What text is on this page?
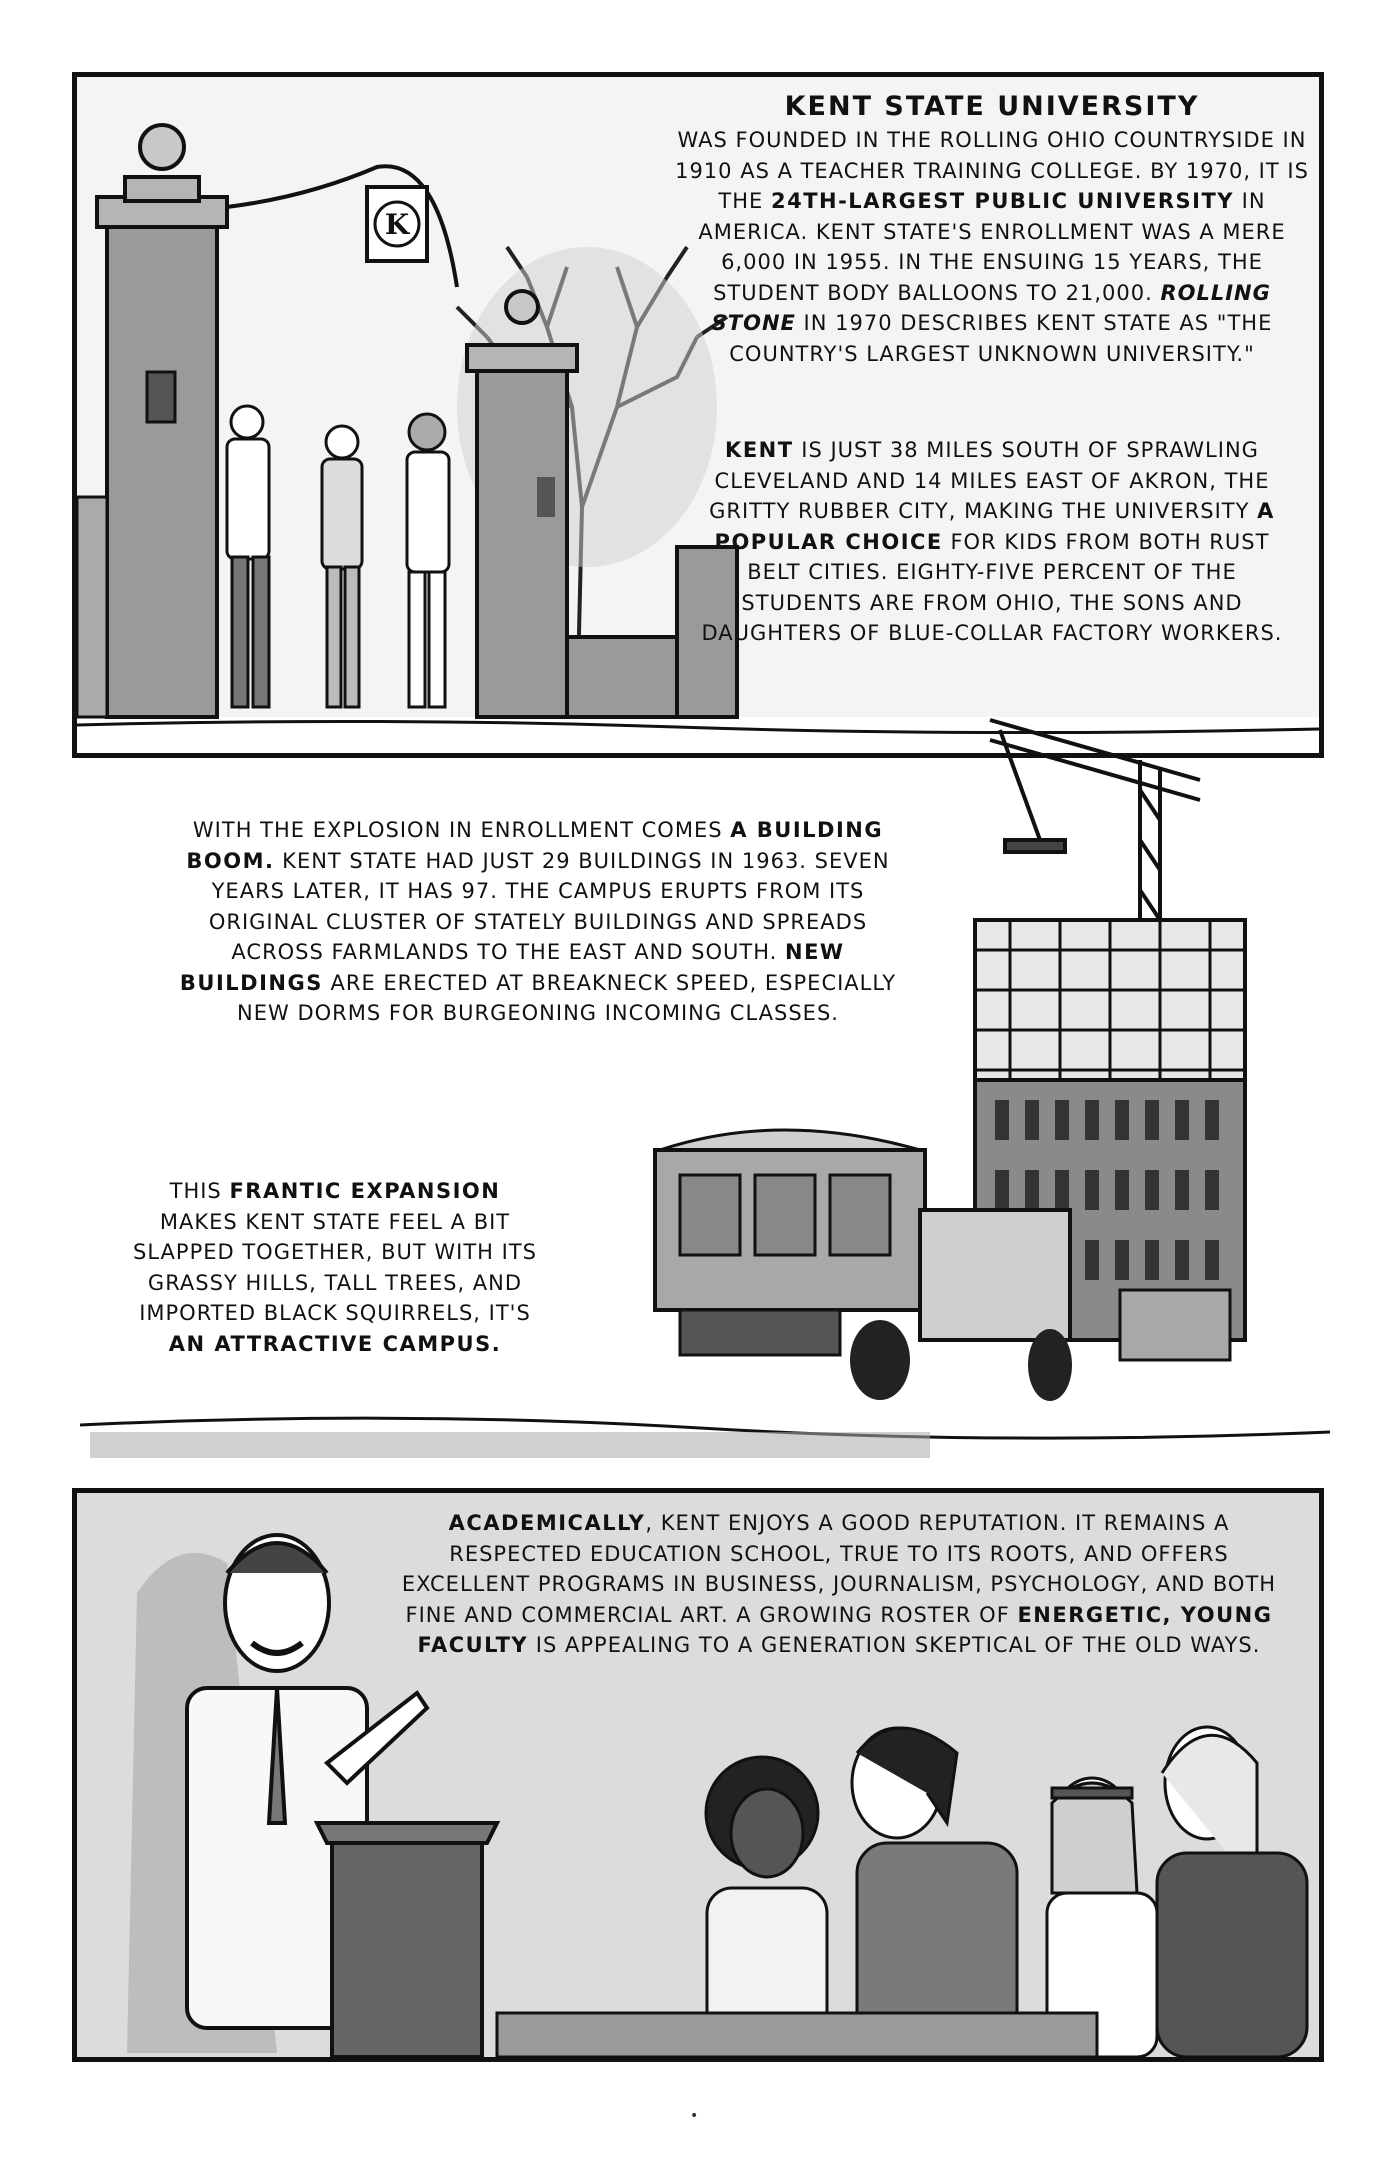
K
KENT STATE UNIVERSITY
WAS FOUNDED IN THE ROLLING OHIO COUNTRYSIDE IN 1910 AS A TEACHER TRAINING COLLEGE. BY 1970, IT IS THE 24TH-LARGEST PUBLIC UNIVERSITY IN AMERICA. KENT STATE'S ENROLLMENT WAS A MERE 6,000 IN 1955. IN THE ENSUING 15 YEARS, THE STUDENT BODY BALLOONS TO 21,000. ROLLING STONE IN 1970 DESCRIBES KENT STATE AS "THE COUNTRY'S LARGEST UNKNOWN UNIVERSITY."
KENT IS JUST 38 MILES SOUTH OF SPRAWLING CLEVELAND AND 14 MILES EAST OF AKRON, THE GRITTY RUBBER CITY, MAKING THE UNIVERSITY A POPULAR CHOICE FOR KIDS FROM BOTH RUST BELT CITIES. EIGHTY-FIVE PERCENT OF THE STUDENTS ARE FROM OHIO, THE SONS AND DAUGHTERS OF BLUE-COLLAR FACTORY WORKERS.
WITH THE EXPLOSION IN ENROLLMENT COMES A BUILDING BOOM. KENT STATE HAD JUST 29 BUILDINGS IN 1963. SEVEN YEARS LATER, IT HAS 97. THE CAMPUS ERUPTS FROM ITS ORIGINAL CLUSTER OF STATELY BUILDINGS AND SPREADS ACROSS FARMLANDS TO THE EAST AND SOUTH. NEW BUILDINGS ARE ERECTED AT BREAKNECK SPEED, ESPECIALLY NEW DORMS FOR BURGEONING INCOMING CLASSES.
THIS FRANTIC EXPANSION MAKES KENT STATE FEEL A BIT SLAPPED TOGETHER, BUT WITH ITS GRASSY HILLS, TALL TREES, AND IMPORTED BLACK SQUIRRELS, IT'S AN ATTRACTIVE CAMPUS.
ACADEMICALLY, KENT ENJOYS A GOOD REPUTATION. IT REMAINS A RESPECTED EDUCATION SCHOOL, TRUE TO ITS ROOTS, AND OFFERS EXCELLENT PROGRAMS IN BUSINESS, JOURNALISM, PSYCHOLOGY, AND BOTH FINE AND COMMERCIAL ART. A GROWING ROSTER OF ENERGETIC, YOUNG FACULTY IS APPEALING TO A GENERATION SKEPTICAL OF THE OLD WAYS.
•
